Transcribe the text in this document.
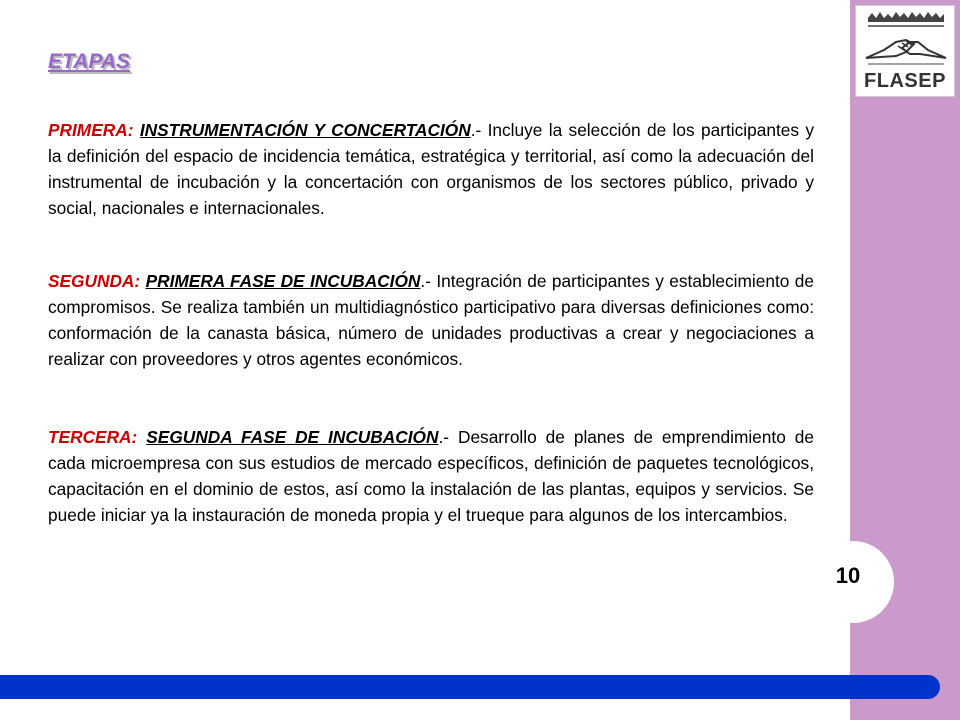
FLASEP
ETAPAS

PRIMERA: INSTRUMENTACIÓN Y CONCERTACIÓN.- Incluye la selección de los participantes y la definición del espacio de incidencia temática, estratégica y territorial, así como la adecuación del instrumental de incubación y la concertación con organismos de los sectores público, privado y social, nacionales e internacionales.

SEGUNDA: PRIMERA FASE DE INCUBACIÓN.- Integración de participantes y establecimiento de compromisos. Se realiza también un multidiagnóstico participativo para diversas definiciones como: conformación de la canasta básica, número de unidades productivas a crear y negociaciones a realizar con proveedores y otros agentes económicos.

TERCERA: SEGUNDA FASE DE INCUBACIÓN.- Desarrollo de planes de emprendimiento de cada microempresa con sus estudios de mercado específicos, definición de paquetes tecnológicos, capacitación en el dominio de estos, así como la instalación de las plantas, equipos y servicios. Se puede iniciar ya la instauración de moneda propia y el trueque para algunos de los intercambios.

10
